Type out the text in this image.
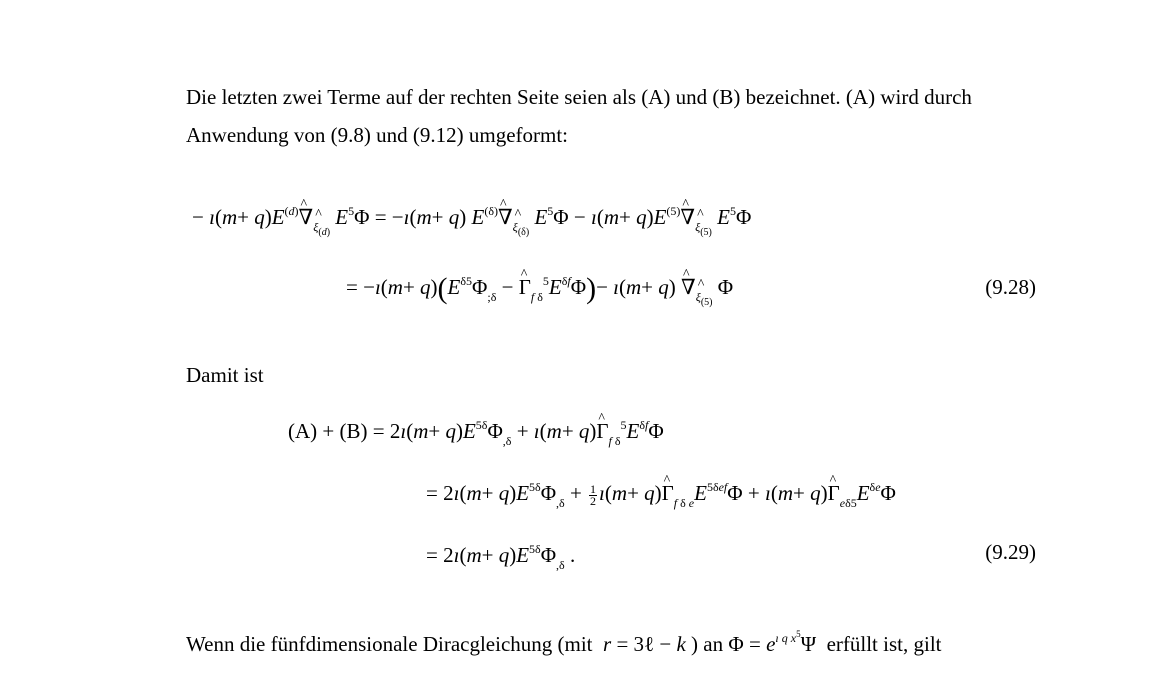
Die letzten zwei Terme auf der rechten Seite seien als (A) und (B) bezeichnet. (A) wird durch
Anwendung von (9.8) und (9.12) umgeformt:

− ı(m+ $q)E^{(d)}\^{}$ $\nabla_{\xi_{(d)}}$ $E^5\Phi$ = −ı(m+ q) $E^{(\delta)}\^{}$ $\nabla_{\xi_{(\delta)}}$ $E^5\Phi$ − ı(m+ $q)E^{(5)}\^{}$ $\nabla_{\xi_{(5)}}$ $E^5\Phi$
= −ı(m+ $q)(E^{\delta 5}\Phi_{;\delta}$ − ^ $\Gamma_{f \delta}^5E^{\delta f}\Phi)-$ ı(m+ q) ^ $\nabla_{\xi_{(5)}}$ Φ	(9.28)

Damit ist

(A) + (B) = 2ı(m+ $q)E^{5\delta}\Phi_{,\delta}$ + ı(m+ q)^ $\Gamma_{f \delta}^5E^{\delta f}\Phi$
= 2ı(m+ $q)E^{5\delta}\Phi_{,\delta} + \frac{1}{2}$ ı(m+ q)^ $\Gamma_{f \delta e}E^{5\delta ef}\Phi$ + ı(m+ q)^ $\Gamma_{e\delta 5}E^{\delta e}\Phi$
= 2ı(m+ $q)E^{5\delta}\Phi_{,\delta}$ .	(9.29)

Wenn die fünfdimensionale Diracgleichung (mit r = 3ℓ − k ) an $\Phi = e^{ı q x^5}\Psi$  erfüllt ist, gilt
